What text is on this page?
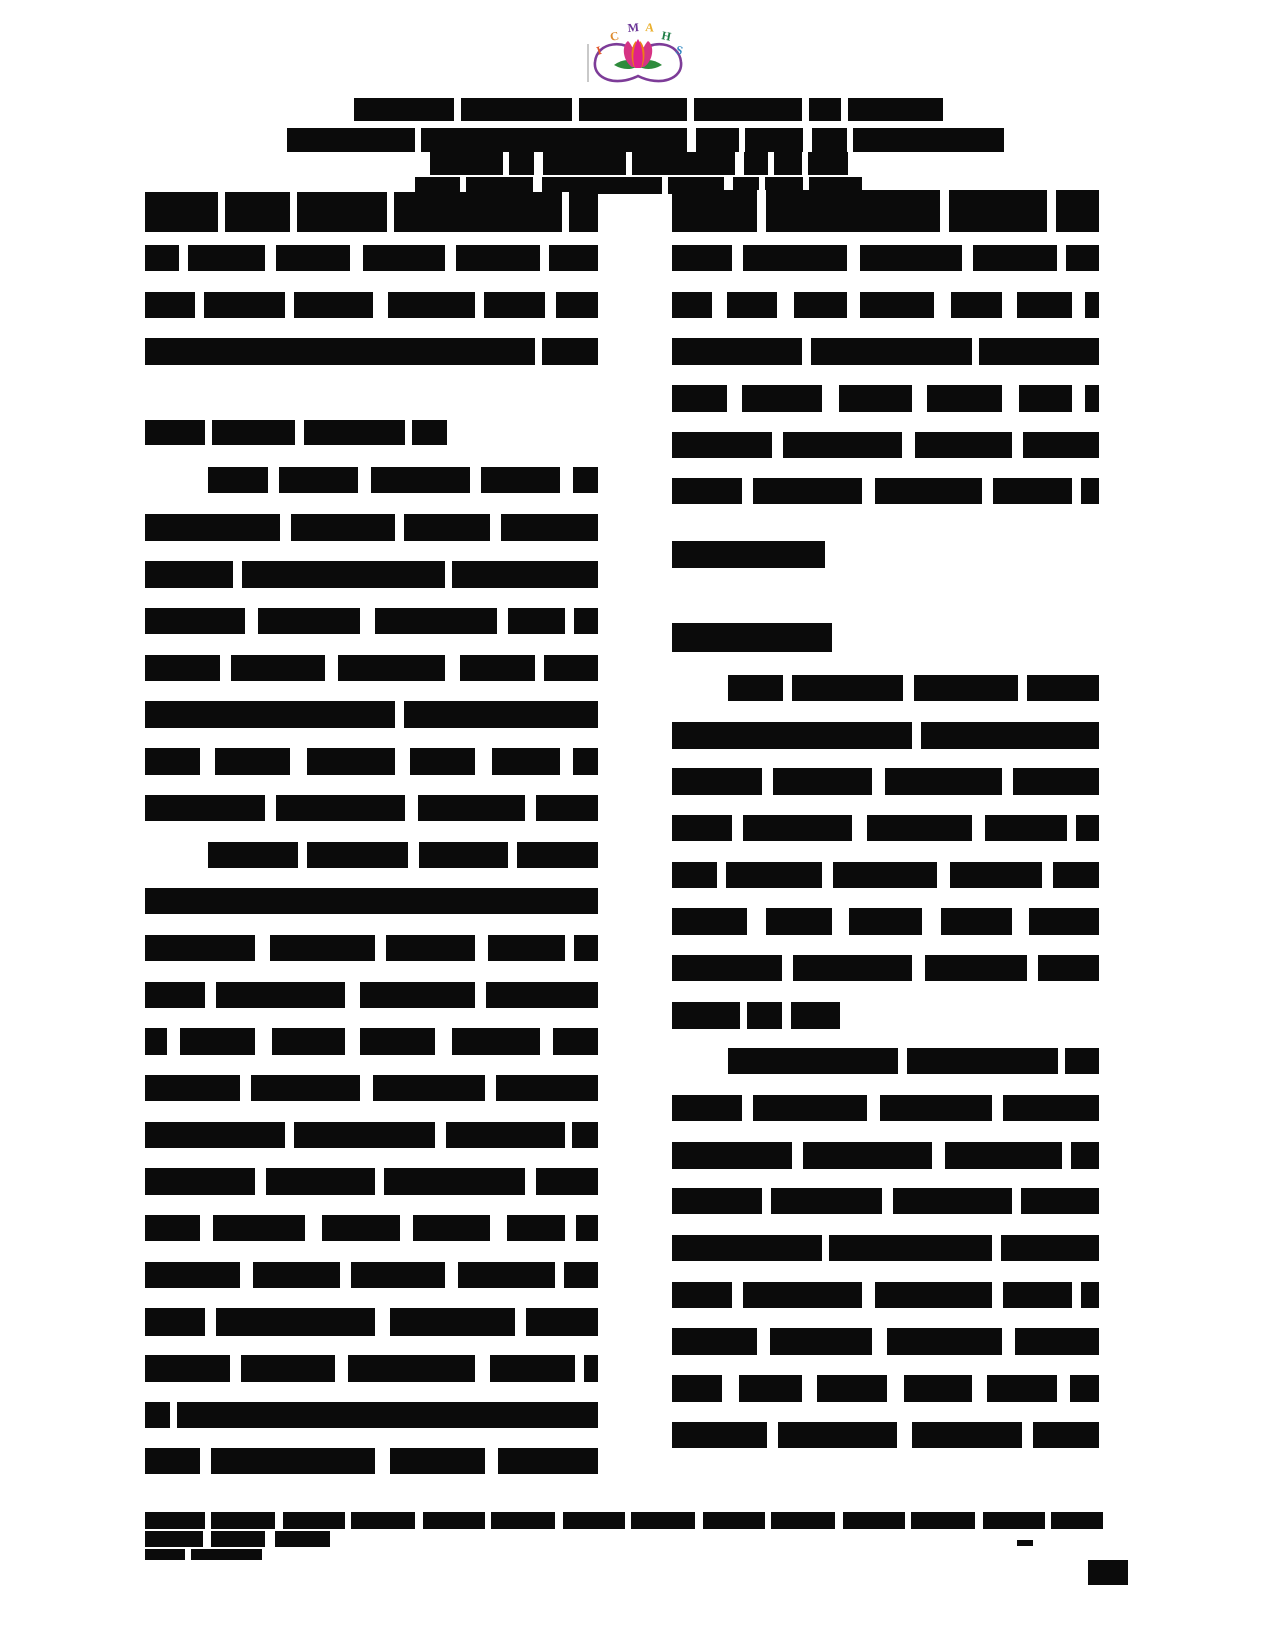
I
C
M A
H
S
